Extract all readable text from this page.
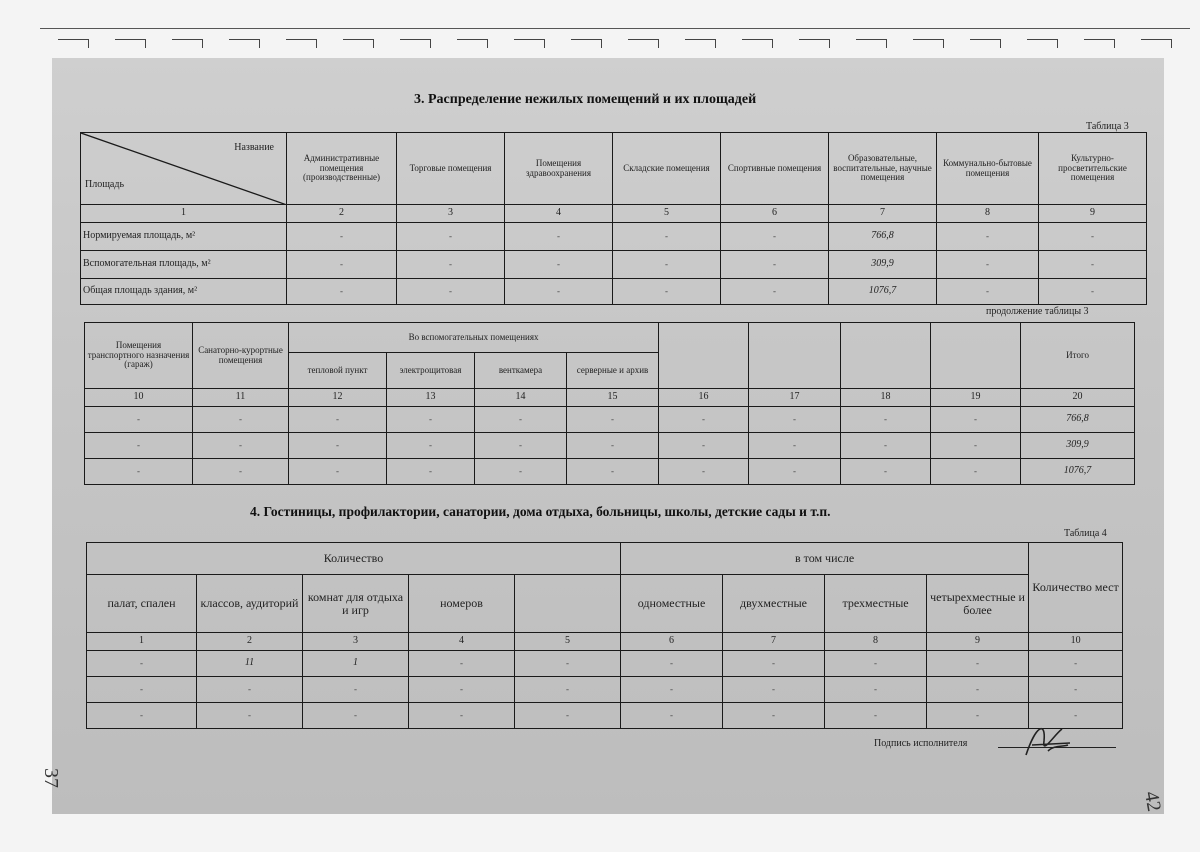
3. Распределение нежилых помещений и их площадей
Таблица 3
Название
Площадь	Административные помещения (производственные)	Торговые помещения	Помещения здравоохранения	Складские помещения	Спортивные помещения	Образовательные, воспитательные, научные помещения	Коммунально-бытовые помещения	Культурно-просветительские помещения
1	2	3	4	5	6	7	8	9
Нормируемая площадь, м²	-	-	-	-	-	766,8	-	-
Вспомогательная площадь, м²	-	-	-	-	-	309,9	-	-
Общая площадь здания, м²	-	-	-	-	-	1076,7	-	-
продолжение таблицы 3
Помещения транспортного назначения (гараж)	Санаторно-курортные помещения	Во вспомогательных помещениях								Итого
		тепловой пункт	электрощитовая	венткамера	серверные и архив					
10	11	12	13	14	15	16	17	18	19	20
-	-	-	-	-	-	-	-	-	-	766,8
-	-	-	-	-	-	-	-	-	-	309,9
-	-	-	-	-	-	-	-	-	-	1076,7
4. Гостиницы, профилактории, санатории, дома отдыха, больницы, школы, детские сады и т.п.
Таблица 4
Количество					в том числе				Количество мест
палат, спален	классов, аудиторий	комнат для отдыха и игр	номеров		одноместные	двухместные	трехместные	четырехместные и более	
1	2	3	4	5	6	7	8	9	10
-	11	1	-	-	-	-	-	-	-
-	-	-	-	-	-	-	-	-	-
-	-	-	-	-	-	-	-	-	-
Подпись исполнителя
37
42
